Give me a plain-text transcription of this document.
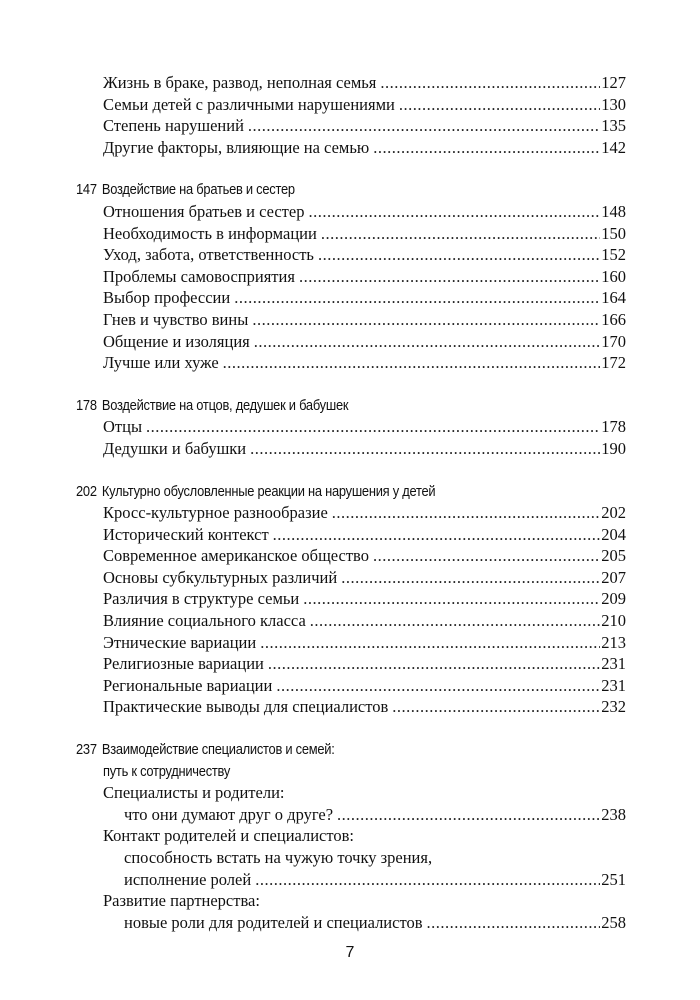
Жизнь в браке, развод, неполная семья .....	127
Семьи детей с различными нарушениями .....	130
Степень нарушений .....	135
Другие факторы, влияющие на семью .....	142
147 Воздействие на братьев и сестер
Отношения братьев и сестер .....	148
Необходимость в информации .....	150
Уход, забота, ответственность .....	152
Проблемы самовосприятия .....	160
Выбор профессии .....	164
Гнев и чувство вины .....	166
Общение и изоляция .....	170
Лучше или хуже .....	172
178 Воздействие на отцов, дедушек и бабушек
Отцы .....	178
Дедушки и бабушки .....	190
202 Культурно обусловленные реакции на нарушения у детей
Кросс-культурное разнообразие .....	202
Исторический контекст .....	204
Современное американское общество .....	205
Основы субкультурных различий .....	207
Различия в структуре семьи .....	209
Влияние социального класса .....	210
Этнические вариации .....	213
Религиозные вариации .....	231
Региональные вариации .....	231
Практические выводы для специалистов .....	232
237 Взаимодействие специалистов и семей:
путь к сотрудничеству
Специалисты и родители:
что они думают друг о друге? .....	238
Контакт родителей и специалистов:
способность встать на чужую точку зрения,
исполнение ролей .....	251
Развитие партнерства:
новые роли для родителей и специалистов .....	258
7
